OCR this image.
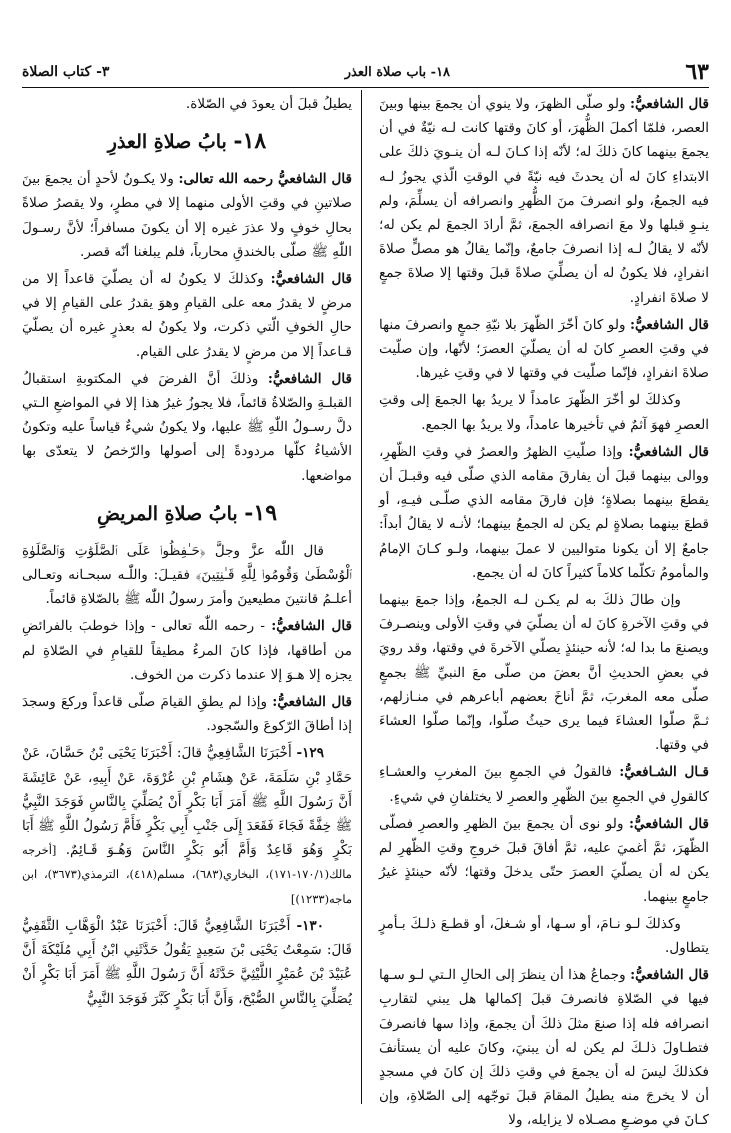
٦٣
١٨- باب صلاة العذر
٣- كتاب الصلاة

قال الشافعيُّ: ولو صلّى الظهرَ، ولا ينوي أن يجمعَ بينها وبينَ العصر، فلمّا أكملَ الظُّهرَ، أو كانَ وقتها كانت لـه نيّةٌ في أن يجمعَ بينهما كانَ ذلكَ له؛ لأنّه إذا كـانَ لـه أن ينـويَ ذلكَ على الابتداءِ كانَ له أن يحدثَ فيه نيّةً في الوقتِ الّذي يجوزُ لـه فيه الجمعُ، ولو انصرفَ منَ الظُّهرِ وانصرافه أن يسلِّمَ، ولم ينـوِ قبلها ولا معَ انصرافه الجمعَ، ثمَّ أرادَ الجمعَ لم يكن له؛ لأنّه لا يقالُ لـه إذا انصرفَ جامعٌ، وإنّما يقالُ هو مصلٍّ صلاةَ انفرادٍ، فلا يكونُ له أن يصلِّيَ صلاةً قبلَ وقتها إلا صلاةَ جمعٍ لا صلاةَ انفرادٍ.

قال الشافعيُّ: ولو كانَ أخّرَ الظّهرَ بلا نيّةِ جمعٍ وانصرفَ منها في وقتِ العصرِ كانَ له أن يصلّيَ العصرَ؛ لأنّها، وإن صلّيت صلاةَ انفرادٍ، فإنّما صلّيت في وقتها لا في وقتِ غيرها.

وكذلكَ لو أخّرَ الظّهرَ عامداً لا يريدُ بها الجمعَ إلى وقتِ العصرِ فهوَ آثمٌ في تأخيرها عامداً، ولا يريدُ بها الجمع.

قال الشافعيُّ: وإذا صلّيتِ الظهرُ والعصرُ في وقتِ الظّهرِ، ووالى بينهما قبلَ أن يفارقَ مقامه الذي صلّى فيه وقبـلَ أن يقطعَ بينهما بصلاةٍ؛ فإن فارقَ مقامه الذي صلّـى فيـهِ، أو قطعَ بينهما بصلاةٍ لم يكن له الجمعُ بينهما؛ لأنـه لا يقالُ أبداً: جامعٌ إلا أن يكونا متواليين لا عملَ بينهما، ولـو كـانَ الإمامُ والمأمومُ تكلّما كلاماً كثيراً كانَ له أن يجمع.

وإن طالَ ذلكَ به لم يكـن لـه الجمعُ، وإذا جمعَ بينهما في وقتِ الآخرةِ كانَ له أن يصلّيَ في وقتِ الأولى وينصـرفَ ويصنعَ ما بدا له؛ لأنه حينئذٍ يصلّي الآخرةَ في وقتها، وقد رويَ في بعضِ الحديثِ أنَّ بعضَ من صلّى معَ النبيِّ ﷺ بجمعٍ صلّى معه المغربَ، ثمَّ أناخَ بعضهم أباعرهم في منـازلهم، ثـمَّ صلّوا العشاءَ فيما يرى حيثُ صلّوا، وإنّما صلّوا العشاءَ في وقتها.

قـال الشـافعيُّ: فالقولُ في الجمعِ بينَ المغربِ والعشـاءِ كالقولِ في الجمعِ بينَ الظّهرِ والعصرِ لا يختلفانِ في شيءٍ.

قال الشافعيُّ: ولو نوى أن يجمعَ بينَ الظهرِ والعصرِ فصلّى الظّهرَ، ثمَّ أغميَ عليه، ثمَّ أفاقَ قبلَ خروجِ وقتِ الظّهرِ لم يكن له أن يصلّيَ العصرَ حتّى يدخلَ وقتها؛ لأنّه حينئذٍ غيرُ جامعٍ بينهما.

وكذلكَ لـو نـامَ، أو سـها، أو شـغلَ، أو قطـعَ ذلـكَ بـأمرٍ يتطاول.

قال الشافعيُّ: وجماعُ هذا أن ينظرَ إلى الحالِ الـتي لـو سـها فيها في الصّلاةِ فانصرفَ قبلَ إكمالها هل يبني لتقاربِ انصرافه فله إذا صنعَ مثلَ ذلكَ أن يجمعَ، وإذا سها فانصرفَ فتطـاولَ ذلـكَ لم يكن له أن يبنيَ، وكانَ عليه أن يستأنفَ فكذلكَ ليسَ له أن يجمعَ في وقتِ ذلكَ إن كانَ في مسجدٍ أن لا يخرجَ منه يطيلُ المقامَ قبلَ توجّهه إلى الصّلاةِ، وإن كـانَ في موضـعِ مصـلاه لا يزايله، ولا

يطيلُ قبلَ أن يعودَ في الصّلاة.

١٨- بابُ صلاةِ العذرِ

قال الشافعيُّ رحمه الله تعالى: ولا يكـونُ لأحدٍ أن يجمعَ بينَ صلاتينِ في وقتِ الأولى منهما إلا في مطرٍ، ولا يقصرُ صلاةً بحالِ خوفٍ ولا عذرَ غيره إلا أن يكونَ مسافراً؛ لأنَّ رسـولَ اللّٰهِ ﷺ صلّى بالخندقِ محارباً، فلم يبلغنا أنّه قصر.

قال الشافعيُّ: وكذلكَ لا يكونُ له أن يصلّيَ قاعداً إلا من مرضٍ لا يقدرُ معه على القيامِ وهوَ يقدرُ على القيامِ إلا في حالِ الخوفِ الّتي ذكرت، ولا يكونُ له بعذرٍ غيره أن يصلّيَ قـاعداً إلا من مرضٍ لا يقدرُ على القيام.

قال الشافعيُّ: وذلكَ أنَّ الفرضَ في المكتوبةِ استقبالُ القبلـةِ والصّلاةُ قائماً، فلا يجوزُ غيرُ هذا إلا في المواضعِ الـتي دلَّ رسـولُ اللّٰهِ ﷺ عليها، ولا يكونُ شيءٌ قياساً عليه وتكونُ الأشياءُ كلّها مردودةً إلى أصولها والرّخصُ لا يتعدّى بها مواضعها.

١٩- بابُ صلاةِ المريضِ

قال اللّٰه عزَّ وجلَّ ﴿حَـٰفِظُوا۟ عَلَى ٱلصَّلَوَٰتِ وَٱلصَّلَوٰةِ ٱلْوُسْطَىٰ وَقُومُوا۟ لِلَّهِ قَـٰنِتِينَ﴾ فقيـلَ: واللّٰـه سبحـانه وتعـالى أعلـمُ قانتينَ مطيعينَ وأمرَ رسولُ اللّٰه ﷺ بالصّلاةِ قائماً.

قال الشافعيُّ: - رحمه اللّٰه تعالى - وإذا خوطبَ بالفرائضِ من أطاقها، فإذا كانَ المرءُ مطيقاً للقيامِ في الصّلاةِ لم يجزه إلا هـوَ إلا عندما ذكرت من الخوف.

قال الشافعيُّ: وإذا لم يطقِ القيامَ صلّى قاعداً وركعَ وسجدَ إذا أطاقَ الرّكوعَ والسّجود.

١٢٩- أَخْبَرَنَا الشَّافِعِيُّ قالَ: أَخْبَرَنَا يَحْيَى بْنُ حَسَّانَ، عَنْ حَمَّادِ بْنِ سَلَمَةَ، عَنْ هِشَامِ بْنِ عُرْوَةَ، عَنْ أَبِيهِ، عَنْ عَائِشَةَ أَنَّ رَسُولَ اللَّهِ ﷺ أَمَرَ أَبَا بَكْرٍ أَنْ يُصَلِّيَ بِالنَّاسِ فَوَجَدَ النَّبِيُّ ﷺ خِفَّةً فَجَاءَ فَقَعَدَ إِلَى جَنْبِ أَبِي بَكْرٍ فَأَمَّ رَسُولُ اللَّهِ ﷺ أَبَا بَكْرٍ وَهُوَ قَاعِدٌ وَأَمَّ أَبُو بَكْرٍ النَّاسَ وَهُـوَ قَـائِمٌ. [أخرجه مالك(١٧٠/١-١٧١)، البخاري(٦٨٣)، مسلم(٤١٨)، الترمذي(٣٦٧٣)، ابن ماجه(١٢٣٣)]

١٣٠- أَخْبَرَنَا الشَّافِعِيُّ قَالَ: أَخْبَرَنَا عَبْدُ الْوَهَّابِ الثَّقَفِيُّ قَالَ: سَمِعْتُ يَحْيَى بْنَ سَعِيدٍ يَقُولُ حَدَّثَنِي ابْنُ أَبِي مُلَيْكَةَ أَنَّ عُبَيْدَ بْنَ عُمَيْرٍ اللَّيْثِيَّ حَدَّثَهُ أَنَّ رَسُولَ اللَّهِ ﷺ أَمَرَ أَبَا بَكْرٍ أَنْ يُصَلِّيَ بِالنَّاسِ الصُّبْحَ، وَأَنَّ أَبَا بَكْرٍ كَبَّرَ فَوَجَدَ النَّبِيُّ
